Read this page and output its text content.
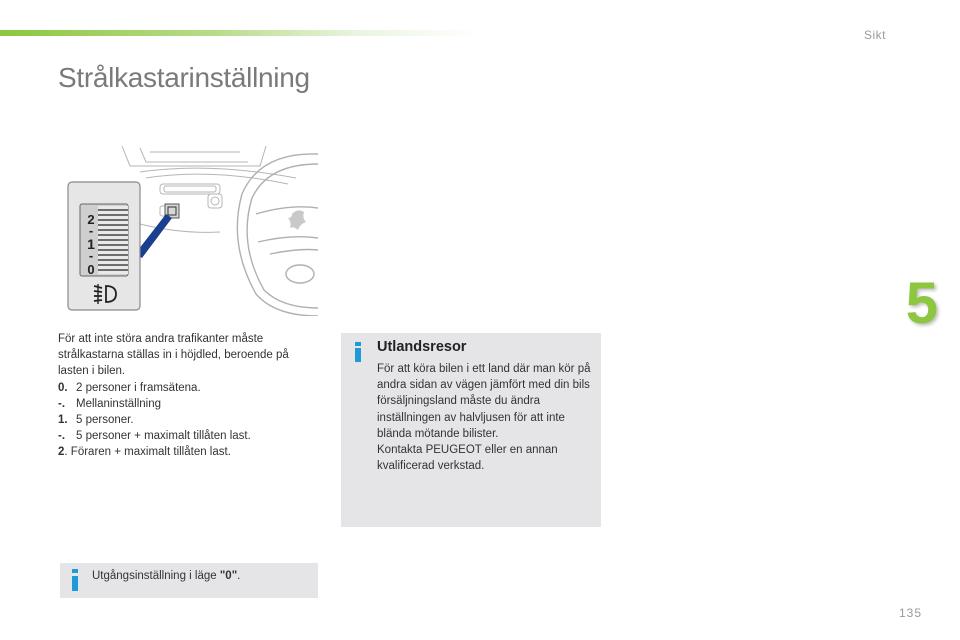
Sikt
Strålkastarinställning
5
2
-
1
-
0

För att inte störa andra trafikanter måste strålkastarna ställas in i höjdled, beroende på lasten i bilen.

0. 2 personer i framsätena.
-. Mellaninställning
1. 5 personer.
-. 5 personer + maximalt tillåten last.
2 . Föraren + maximalt tillåten last.
Utlandsresor

För att köra bilen i ett land där man kör på andra sidan av vägen jämfört med din bils försäljningsland måste du ändra inställningen av halvljusen för att inte blända mötande bilister.

Kontakta PEUGEOT eller en annan kvalificerad verkstad.

Utgångsinställning i läge "0".
135
